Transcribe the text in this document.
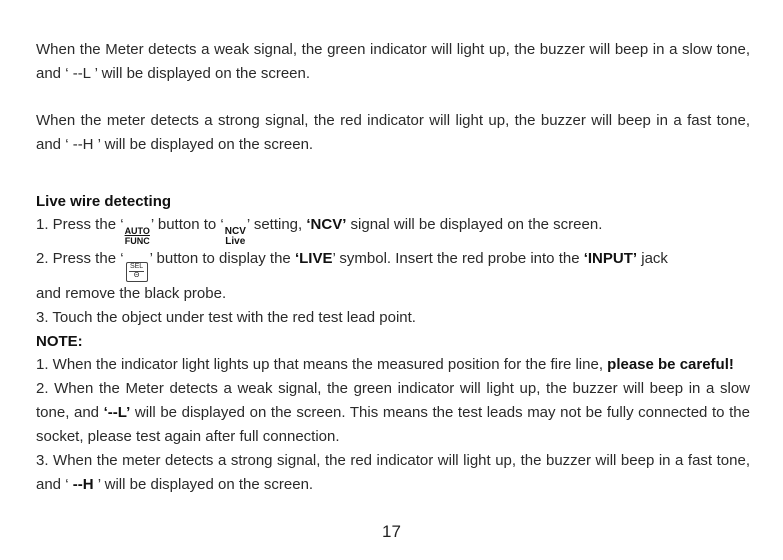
When the Meter detects a weak signal, the green indicator will light up, the buzzer will beep in a slow tone, and ‘ --L ’ will be displayed on the screen.

When the meter detects a strong signal, the red indicator will light up, the buzzer will beep in a fast tone, and ‘ --H ’ will be displayed on the screen.

Live wire detecting

1. Press the ‘ AUTO
FUNC
’ button to ‘ NCV
Live
’ setting, ‘NCV’ signal will be displayed on the screen.

2. Press the ‘ SEL
Θ
’ button to display the ‘LIVE’ symbol. Insert the red probe into the ‘INPUT’ jack

and remove the black probe.

3. Touch the object under test with the red test lead point.

NOTE:

1. When the indicator light lights up that means the measured position for the fire line, please be careful!

2. When the Meter detects a weak signal, the green indicator will light up, the buzzer will beep in a slow tone, and ‘--L’ will be displayed on the screen. This means the test leads may not be fully connected to the socket, please test again after full connection.

3. When the meter detects a strong signal, the red indicator will light up, the buzzer will beep in a fast tone, and ‘ --H ’ will be displayed on the screen.

17
